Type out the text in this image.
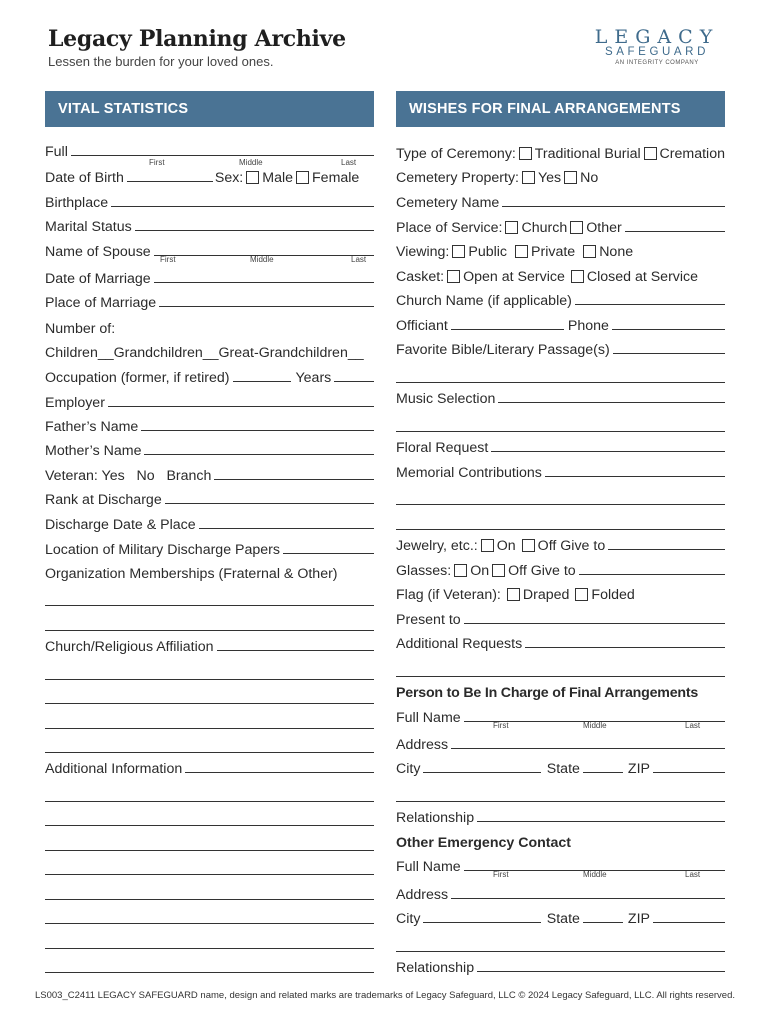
Legacy Planning Archive
Lessen the burden for your loved ones.
LEGACY
SAFEGUARD
AN INTEGRITY COMPANY
VITAL STATISTICS	WISHES FOR FINAL ARRANGEMENTS
Full
First	Middle	Last
Date of Birth	Sex: Male Female
Birthplace
Marital Status
Name of Spouse First	Middle	Last
Date of Marriage
Place of Marriage
Number of:
Children__Grandchildren__Great-Grandchildren__
Occupation (former, if retired)	Years
Employer
Father’s Name
Mother’s Name
Veteran: Yes   No   Branch
Rank at Discharge
Discharge Date & Place
Location of Military Discharge Papers
Organization Memberships (Fraternal & Other)
Church/Religious Affiliation
Additional Information
Type of Ceremony: Traditional Burial Cremation
Cemetery Property: Yes No
Cemetery Name
Place of Service: Church Other
Viewing: Public Private None
Casket: Open at Service Closed at Service
Church Name (if applicable)
Officiant	Phone
Favorite Bible/Literary Passage(s)
Music Selection
Floral Request
Memorial Contributions
Jewelry, etc.: On Off Give to
Glasses: On Off Give to
Flag (if Veteran): Draped Folded
Present to
Additional Requests
Person to Be In Charge of Final Arrangements
Full Name	First	Middle	Last
Address
City	State	ZIP
Relationship
Other Emergency Contact
Full Name	First	Middle	Last
Address
City	State	ZIP
Relationship
LS003_C2411 LEGACY SAFEGUARD name, design and related marks are trademarks of Legacy Safeguard, LLC © 2024 Legacy Safeguard, LLC. All rights reserved.
